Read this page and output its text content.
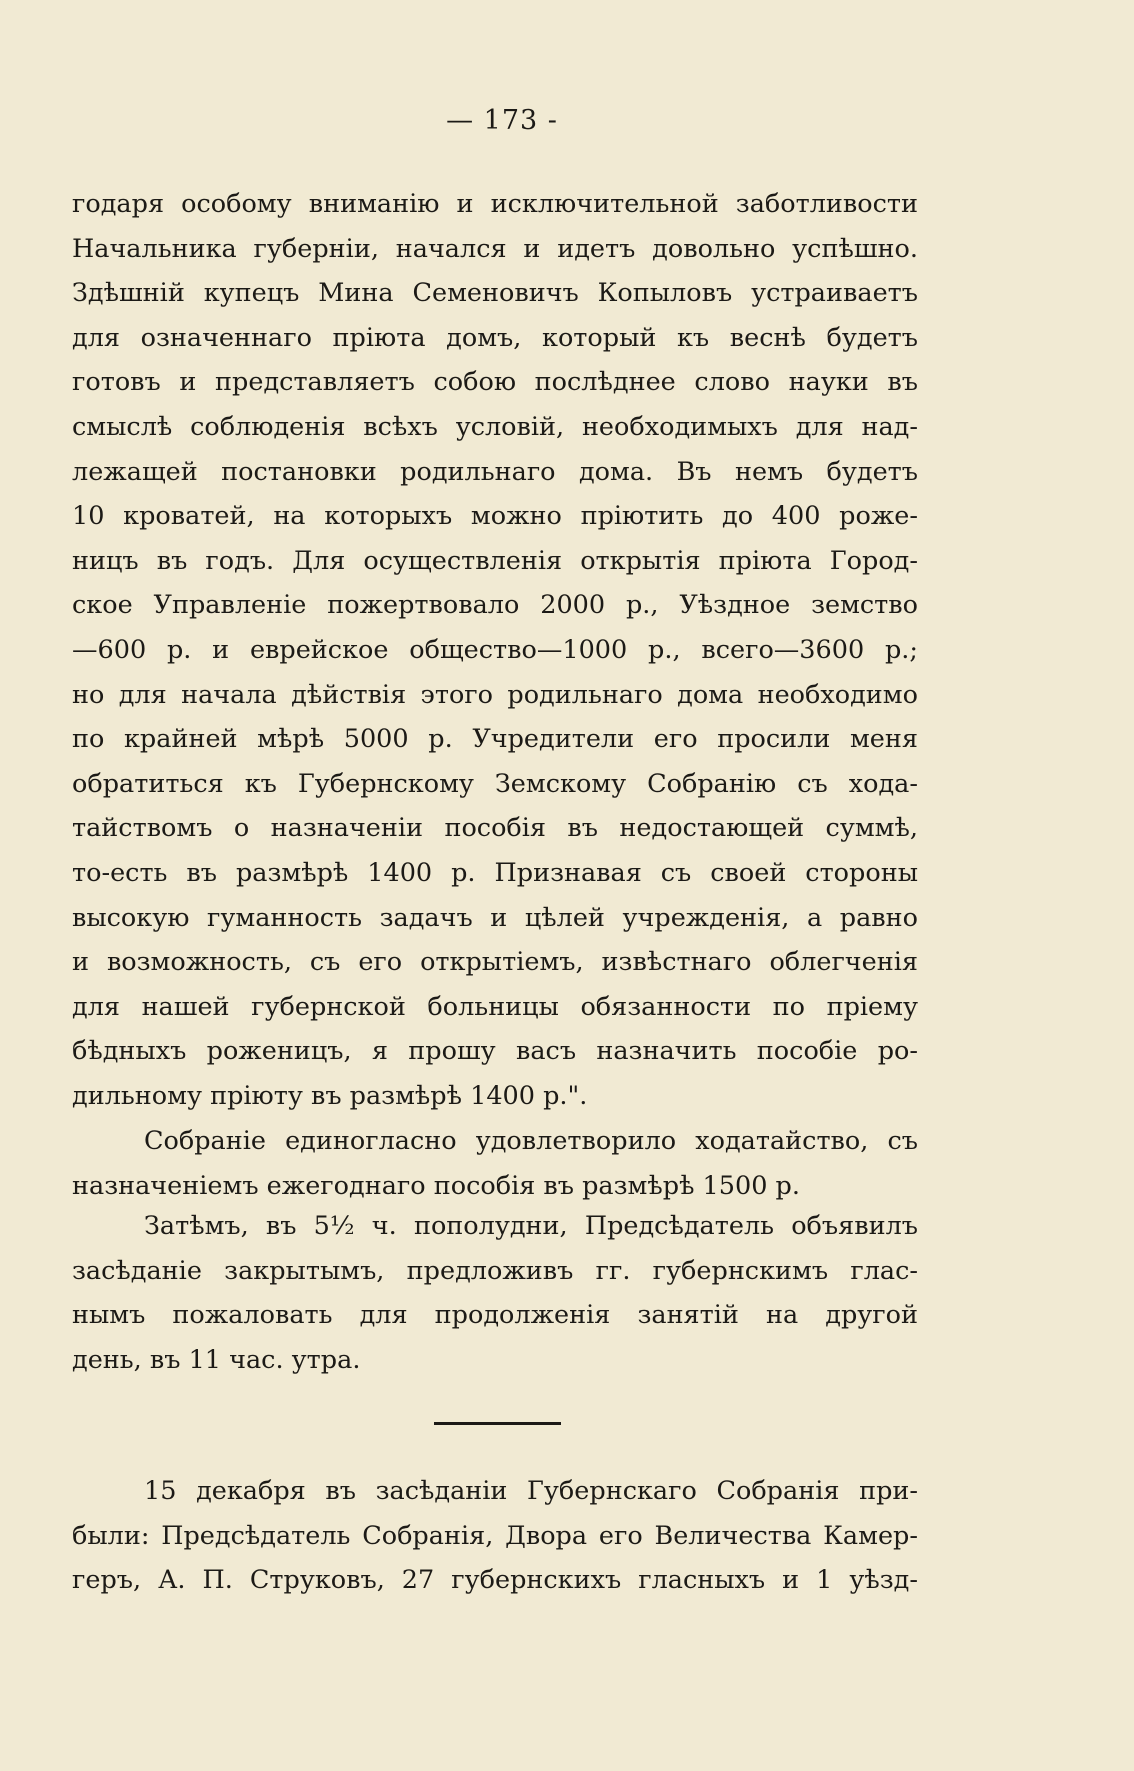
— 173 -
годаря особому вниманію и исключительной заботливости
Начальника губерніи, начался и идетъ довольно успѣшно.
Здѣшній купецъ Мина Семеновичъ Копыловъ устраиваетъ
для означеннаго пріюта домъ, который къ веснѣ будетъ
готовъ и представляетъ собою послѣднее слово науки въ
смыслѣ соблюденія всѣхъ условій, необходимыхъ для над-
лежащей постановки родильнаго дома. Въ немъ будетъ
10 кроватей, на которыхъ можно пріютить до 400 роже-
ницъ въ годъ. Для осуществленія открытія пріюта Город-
ское Управленіе пожертвовало 2000 р., Уѣздное земство
—600 р. и еврейское общество—1000 р., всего—3600 р.;
но для начала дѣйствія этого родильнаго дома необходимо
по крайней мѣрѣ 5000 р. Учредители его просили меня
обратиться къ Губернскому Земскому Собранію съ хода-
тайствомъ о назначеніи пособія въ недостающей суммѣ,
то-есть въ размѣрѣ 1400 р. Признавая съ своей стороны
высокую гуманность задачъ и цѣлей учрежденія, а равно
и возможность, съ его открытіемъ, извѣстнаго облегченія
для нашей губернской больницы обязанности по пріему
бѣдныхъ роженицъ, я прошу васъ назначить пособіе ро-
дильному пріюту въ размѣрѣ 1400 р.".
Собраніе единогласно удовлетворило ходатайство, съ
назначеніемъ ежегоднаго пособія въ размѣрѣ 1500 р.
Затѣмъ, въ 5½ ч. пополудни, Предсѣдатель объявилъ
засѣданіе закрытымъ, предложивъ гг. губернскимъ глас-
нымъ пожаловать для продолженія занятій на другой
день, въ 11 час. утра.
15 декабря въ засѣданіи Губернскаго Собранія при-
были: Предсѣдатель Собранія, Двора его Величества Камер-
геръ, А. П. Струковъ, 27 губернскихъ гласныхъ и 1 уѣзд-
